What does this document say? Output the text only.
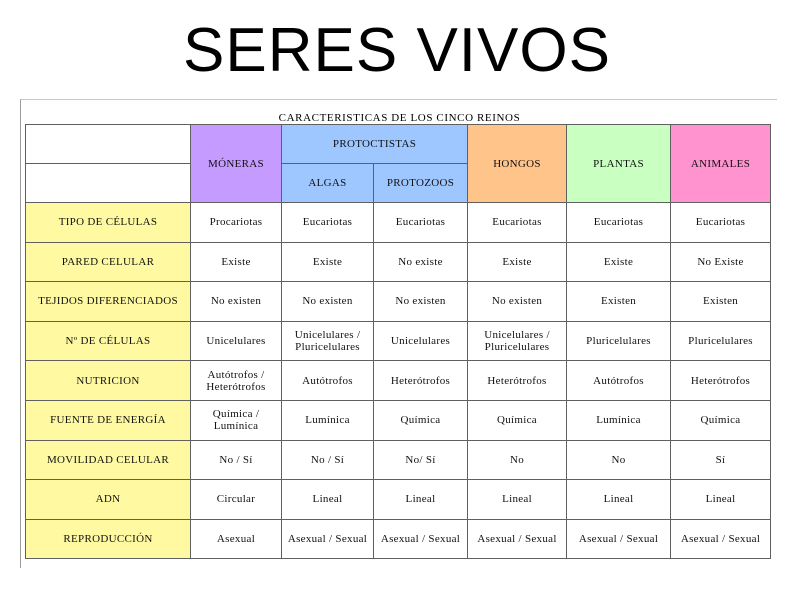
SERES VIVOS
CARACTERISTICAS DE LOS CINCO REINOS
	MÓNERAS	PROTOCTISTAS		HONGOS	PLANTAS	ANIMALES
		ALGAS	PROTOZOOS			
TIPO DE CÉLULAS	Procariotas	Eucariotas	Eucariotas	Eucariotas	Eucariotas	Eucariotas
PARED CELULAR	Existe	Existe	No existe	Existe	Existe	No Existe
TEJIDOS DIFERENCIADOS	No existen	No existen	No existen	No existen	Existen	Existen
Nº DE CÉLULAS	Unicelulares	Unicelulares / Pluricelulares	Unicelulares	Unicelulares / Pluricelulares	Pluricelulares	Pluricelulares
NUTRICION	Autótrofos / Heterótrofos	Autótrofos	Heterótrofos	Heterótrofos	Autótrofos	Heterótrofos
FUENTE DE ENERGÍA	Química / Lumínica	Lumínica	Química	Química	Lumínica	Química
MOVILIDAD CELULAR	No / Sí	No / Sí	No/ Sí	No	No	Sí
ADN	Circular	Lineal	Lineal	Lineal	Lineal	Lineal
REPRODUCCIÓN	Asexual	Asexual / Sexual	Asexual / Sexual	Asexual / Sexual	Asexual / Sexual	Asexual / Sexual
